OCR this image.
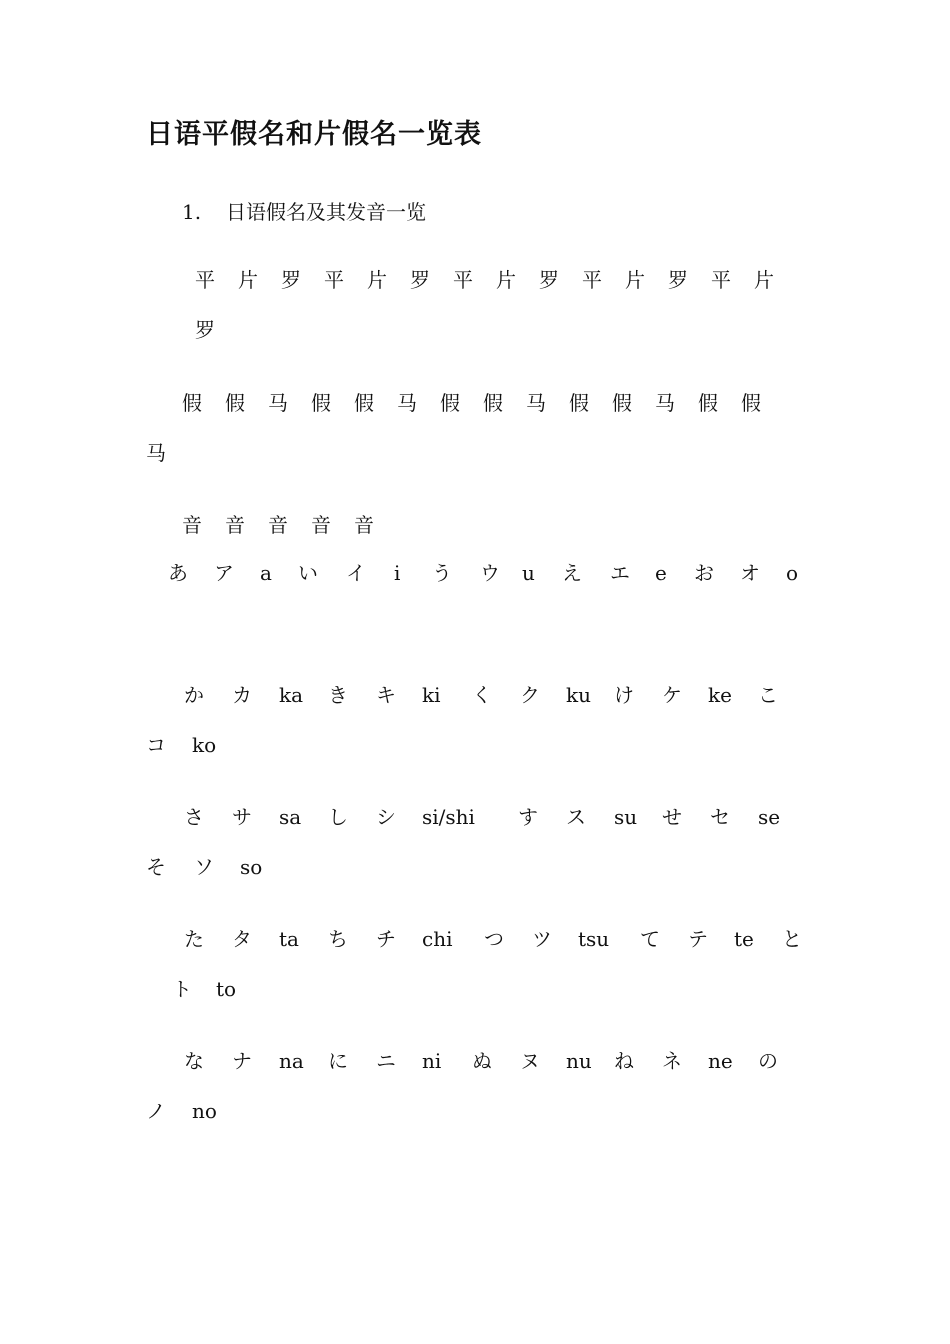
日语平假名和片假名一览表
1. 日语假名及其发音一览
平 片 罗 平 片 罗 平 片 罗 平 片 罗 平 片
罗
假 假 马 假 假 马 假 假 马 假 假 马 假 假
马
音 音 音 音 音
あ ア a い イ i う ウ u え エ e お オ o
か カ ka き キ ki く ク ku け ケ ke こ
コ ko
さ サ sa し シ si/shi す ス su せ セ se
そ ソ so
た タ ta ち チ chi つ ツ tsu て テ te と
ト to
な ナ na に ニ ni ぬ ヌ nu ね ネ ne の
ノ no
